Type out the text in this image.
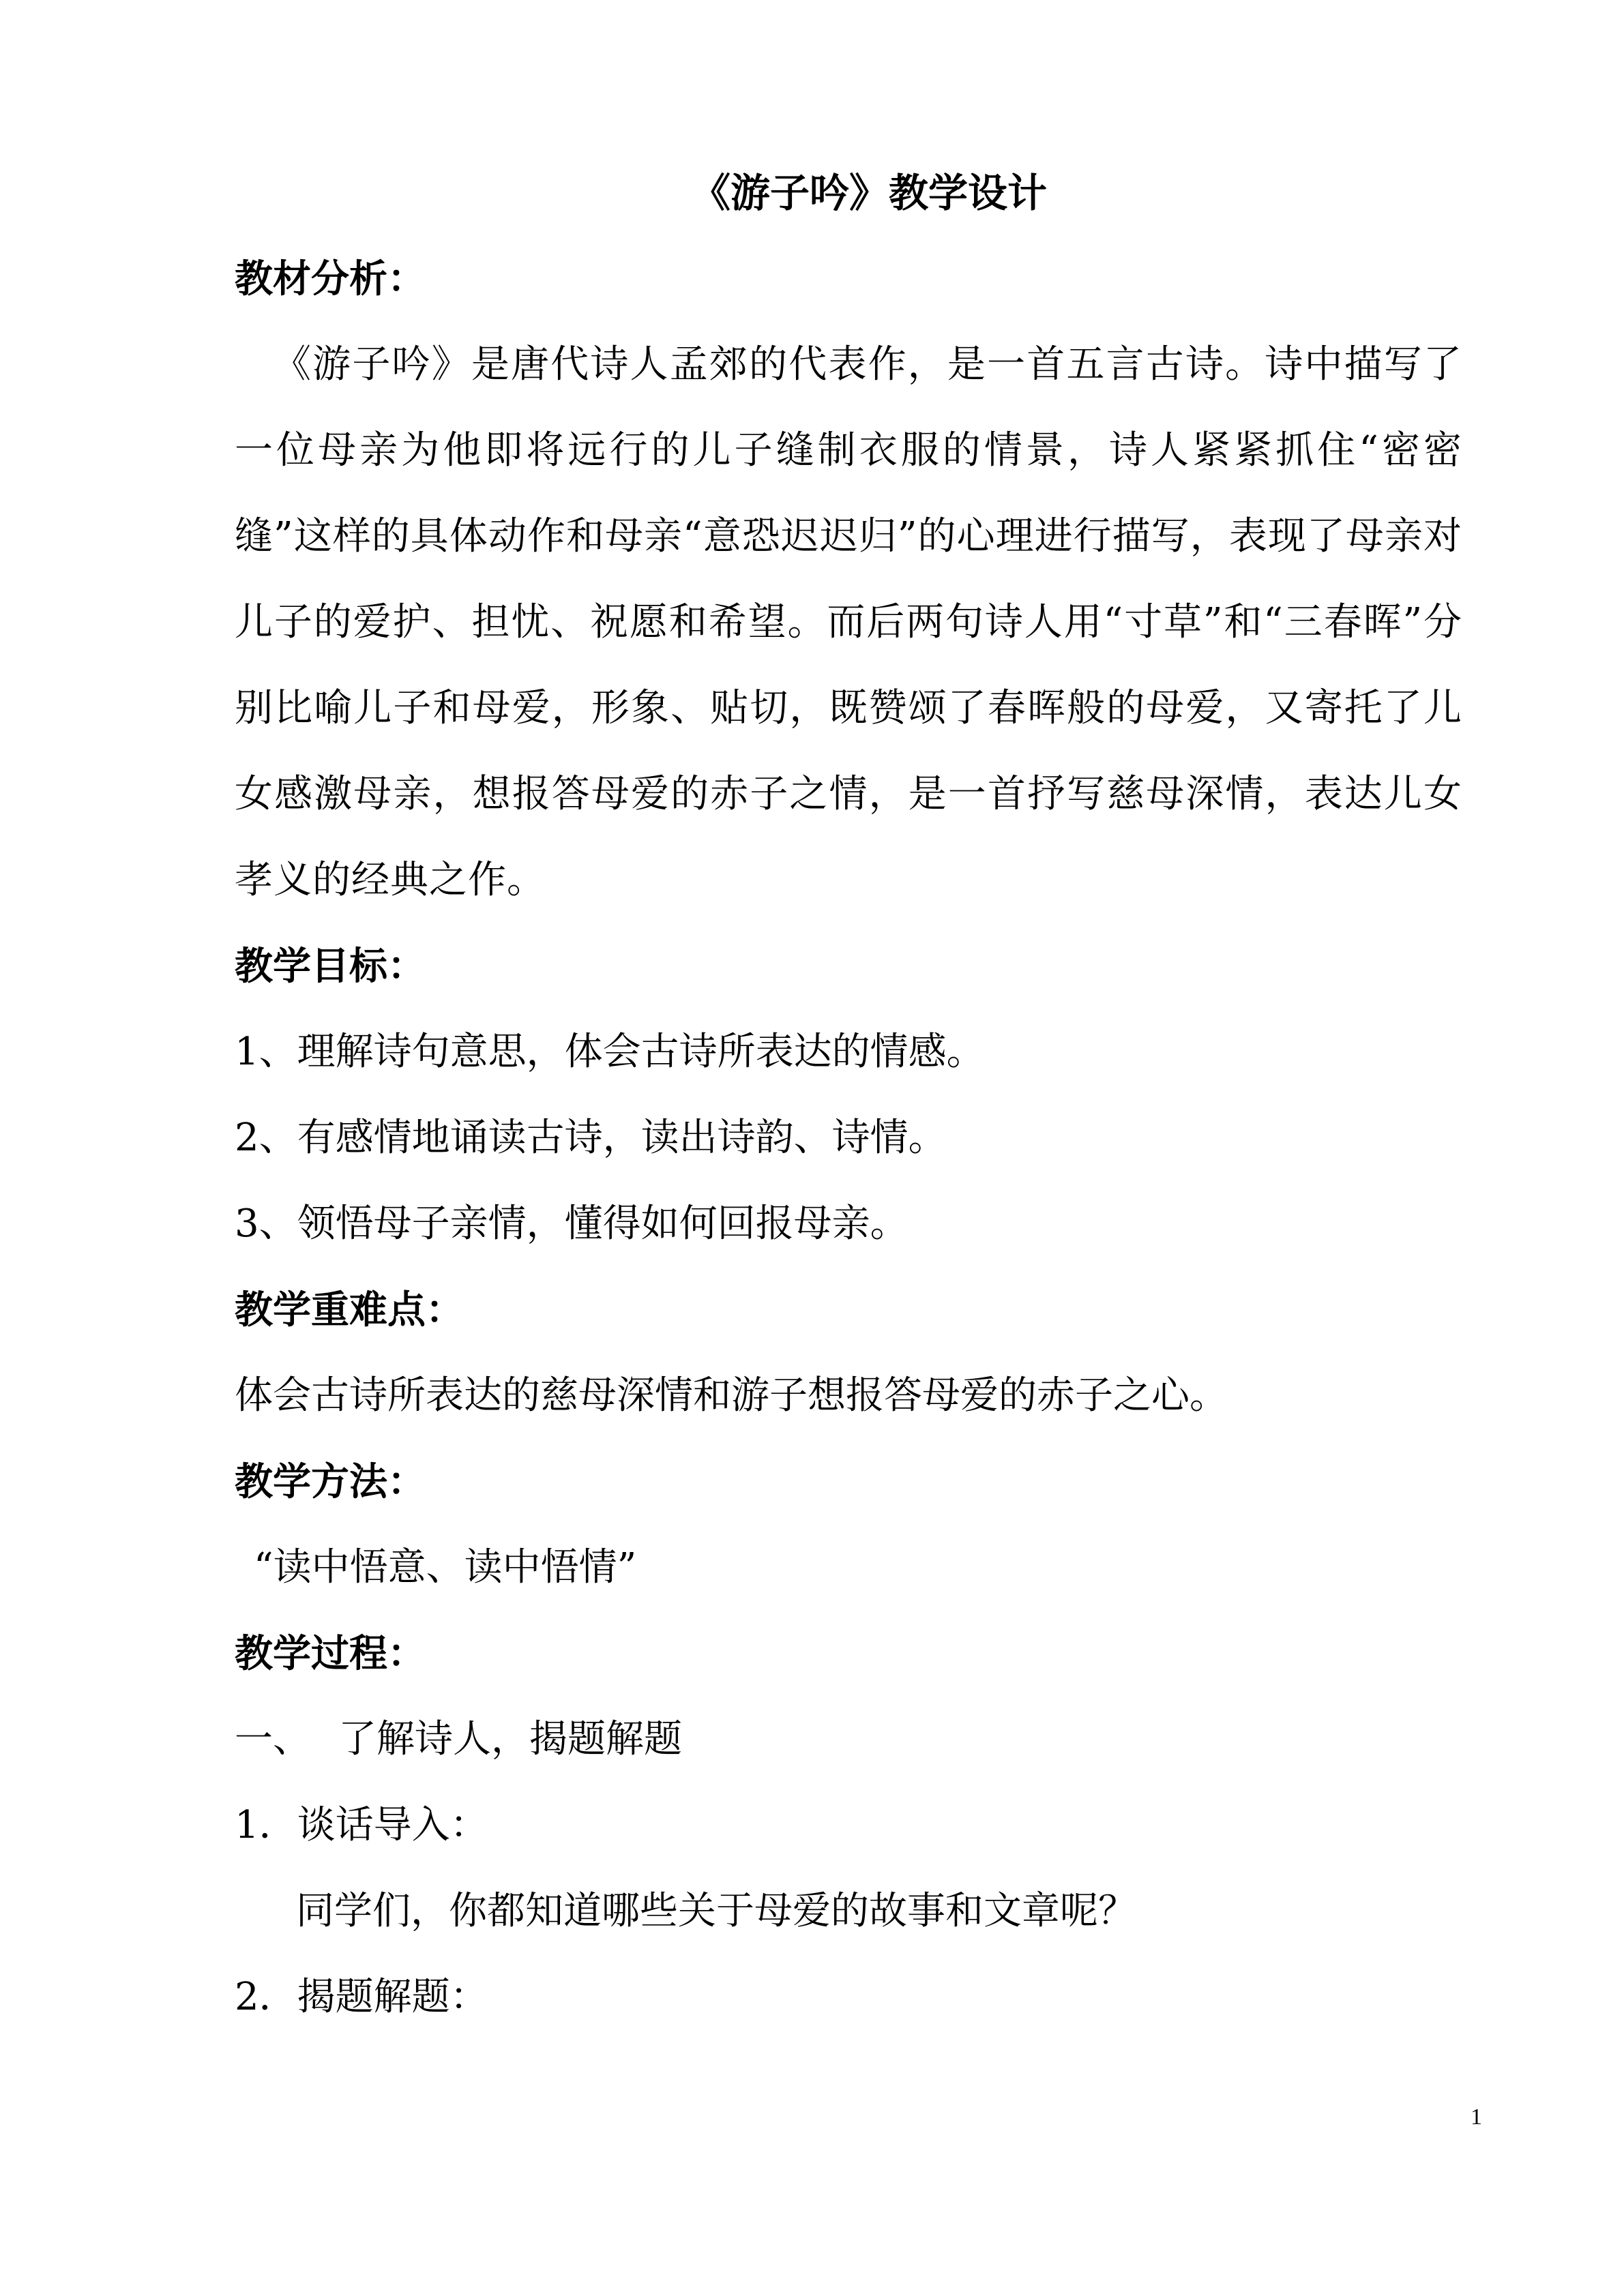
《游子吟》教学设计

教材分析：

《游子吟》是唐代诗人孟郊的代表作，是一首五言古诗。诗中描写了一位母亲为他即将远行的儿子缝制衣服的情景，诗人紧紧抓住“密密缝”这样的具体动作和母亲“意恐迟迟归”的心理进行描写，表现了母亲对儿子的爱护、担忧、祝愿和希望。而后两句诗人用“寸草”和“三春晖”分别比喻儿子和母爱，形象、贴切，既赞颂了春晖般的母爱，又寄托了儿女感激母亲，想报答母爱的赤子之情，是一首抒写慈母深情，表达儿女孝义的经典之作。

教学目标：

1、理解诗句意思，体会古诗所表达的情感。

2、有感情地诵读古诗，读出诗韵、诗情。

3、领悟母子亲情，懂得如何回报母亲。

教学重难点：

体会古诗所表达的慈母深情和游子想报答母爱的赤子之心。

教学方法：

“读中悟意、读中悟情”

教学过程：

一、 了解诗人，揭题解题

1．谈话导入：

同学们，你都知道哪些关于母爱的故事和文章呢？

2．揭题解题：

1
